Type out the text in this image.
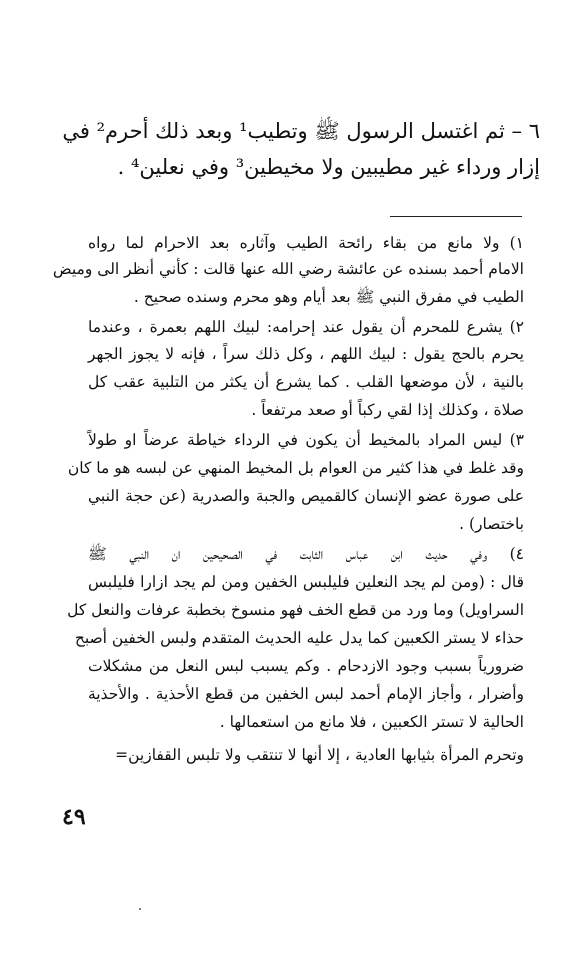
٦ – ثم اغتسل الرسول ﷺ وتطيب¹ وبعد ذلك أحرم² في
إزار ورداء غير مطيبين ولا مخيطين³ وفي نعلين⁴ .
١) ولا مانع من بقاء رائحة الطيب وآثاره بعد الاحرام لما رواه
الامام أحمد بسنده عن عائشة رضي الله عنها قالت : كأني أنظر الى وميض
الطيب في مفرق النبي ﷺ بعد أيام وهو محرم وسنده صحيح .
٢) يشرع للمحرم أن يقول عند إحرامه: لبيك اللهم بعمرة ، وعندما
يحرم بالحج يقول : لبيك اللهم ، وكل ذلك سراً ، فإنه لا يجوز الجهر
بالنية ، لأن موضعها القلب . كما يشرع أن يكثر من التلبية عقب كل
صلاة ، وكذلك إذا لقي ركباً أو صعد مرتفعاً .
٣) ليس المراد بالمخيط أن يكون في الرداء خياطة عرضاً او طولاً
وقد غلط في هذا كثير من العوام بل المخيط المنهي عن لبسه هو ما كان
على صورة عضو الإنسان كالقميص والجبة والصدرية (عن حجة النبي
باختصار) .
٤) وفي حديث ابن عباس الثابت في الصحيحين ان النبي ﷺ
قال : (ومن لم يجد النعلين فليلبس الخفين ومن لم يجد ازارا فليلبس
السراويل) وما ورد من قطع الخف فهو منسوخ بخطبة عرفات والنعل كل
حذاء لا يستر الكعبين كما يدل عليه الحديث المتقدم ولبس الخفين أصبح
ضرورياً بسبب وجود الازدحام . وكم يسبب لبس النعل من مشكلات
وأضرار ، وأجاز الإمام أحمد لبس الخفين من قطع الأحذية . والأحذية
الحالية لا تستر الكعبين ، فلا مانع من استعمالها .
وتحرم المرأة بثيابها العادية ، إلا أنها لا تنتقب ولا تلبس القفازين=
٤٩
